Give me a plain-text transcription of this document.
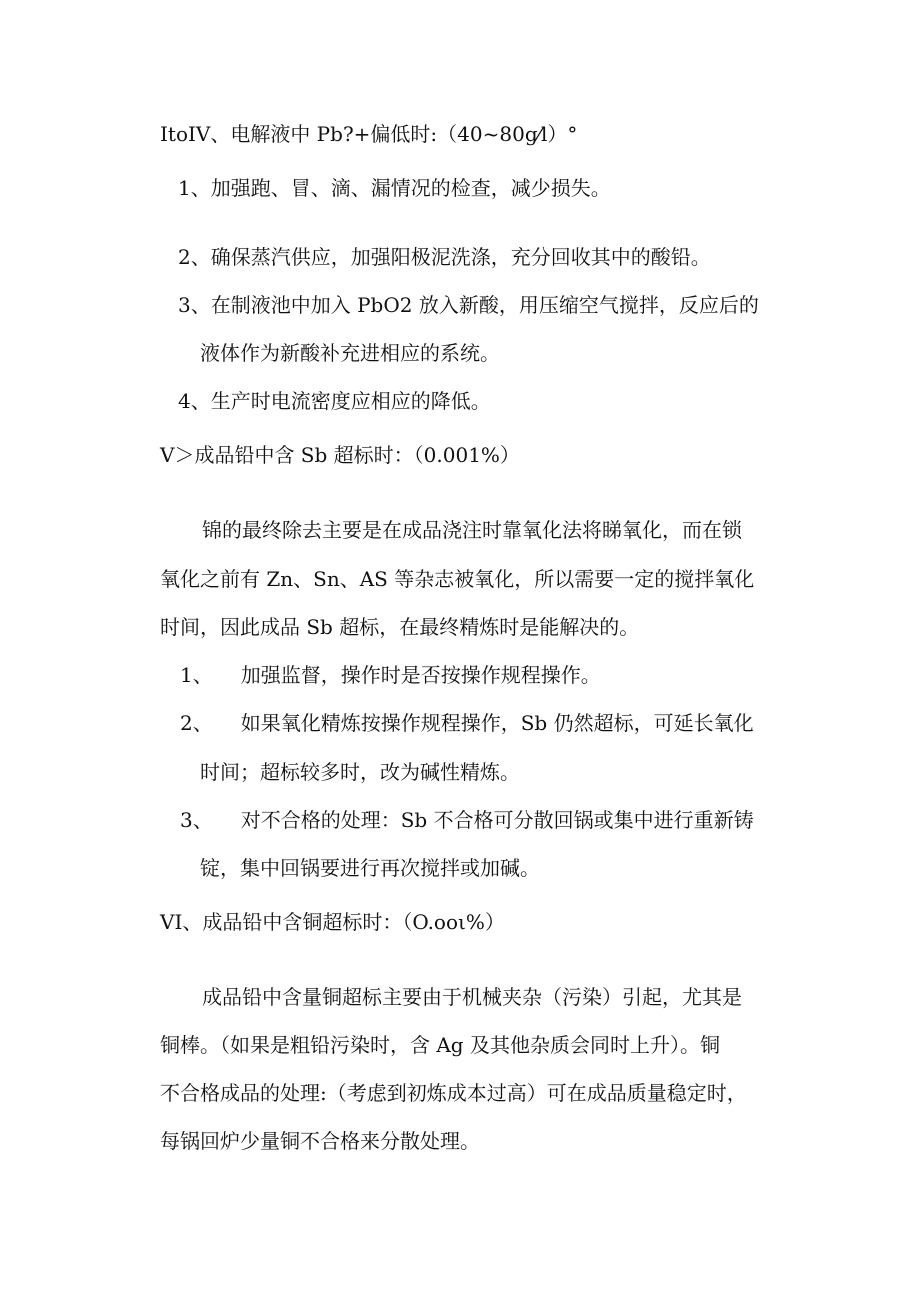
ItoIV、电解液中 Pb?+偏低时:（40~80g⁄l）°
1、加强跑、冒、滴、漏情况的检查，减少损失。
2、确保蒸汽供应，加强阳极泥洗涤，充分回收其中的酸铅。
3、在制液池中加入 PbO2 放入新酸，用压缩空气搅拌，反应后的
液体作为新酸补充进相应的系统。
4、生产时电流密度应相应的降低。
V＞成品铅中含 Sb 超标时：（0.001%）
锦的最终除去主要是在成品浇注时靠氧化法将睇氧化，而在锁
氧化之前有 Zn、Sn、AS 等杂志被氧化，所以需要一定的搅拌氧化
时间，因此成品 Sb 超标，在最终精炼时是能解决的。
1、 加强监督，操作时是否按操作规程操作。
2、 如果氧化精炼按操作规程操作，Sb 仍然超标，可延长氧化
时间；超标较多时，改为碱性精炼。
3、 对不合格的处理：Sb 不合格可分散回锅或集中进行重新铸
锭，集中回锅要进行再次搅拌或加碱。
VI、成品铅中含铜超标时：（O.ooι%）
成品铅中含量铜超标主要由于机械夹杂（污染）引起，尤其是
铜棒。（如果是粗铅污染时，含 Ag 及其他杂质会同时上升）。铜
不合格成品的处理:（考虑到初炼成本过高）可在成品质量稳定时，
每锅回炉少量铜不合格来分散处理。
